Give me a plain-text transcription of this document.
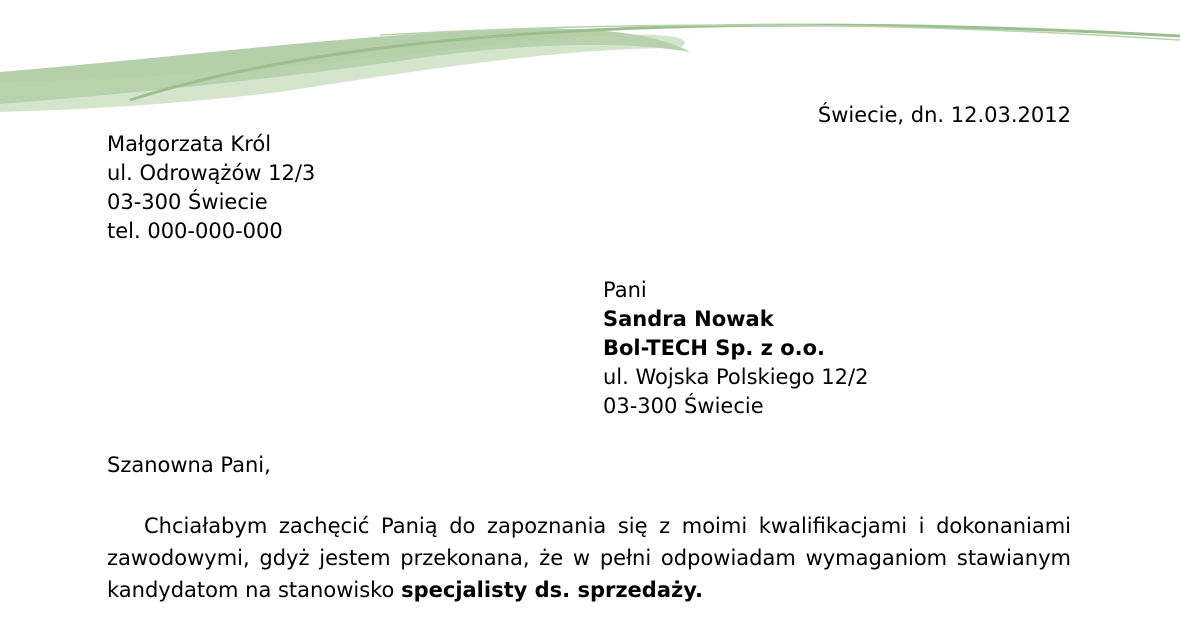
Świecie, dn. 12.03.2012

Małgorzata Król
ul. Odrowążów 12/3
03-300 Świecie
tel. 000-000-000
Pani
Sandra Nowak
Bol-TECH Sp. z o.o.
ul. Wojska Polskiego 12/2
03-300 Świecie

Szanowna Pani,

Chciałabym zachęcić Panią do zapoznania się z moimi kwalifikacjami i dokonaniami zawodowymi, gdyż jestem przekonana, że w pełni odpowiadam wymaganiom stawianym kandydatom na stanowisko specjalisty ds. sprzedaży.
